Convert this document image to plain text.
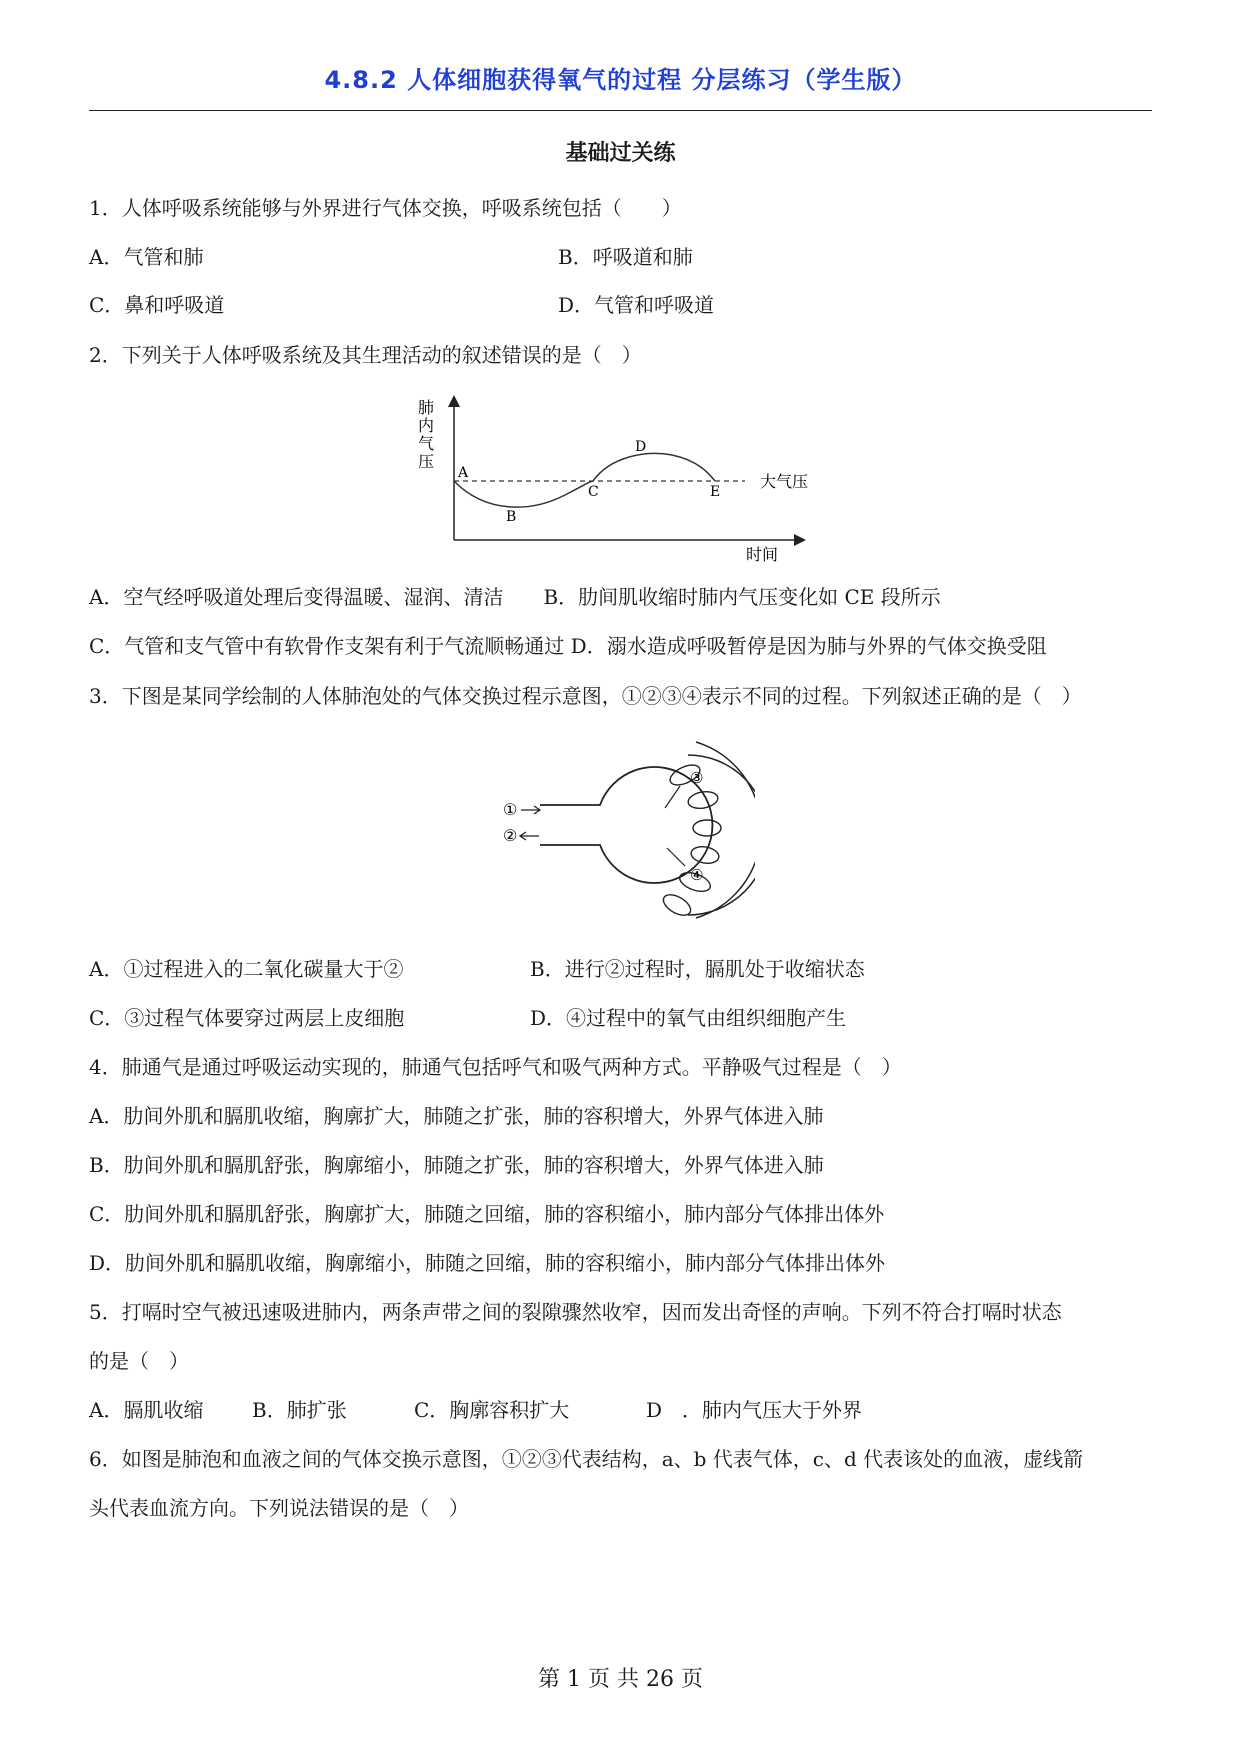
4.8.2 人体细胞获得氧气的过程 分层练习（学生版）
基础过关练
1．人体呼吸系统能够与外界进行气体交换，呼吸系统包括（　　）
A．气管和肺	B．呼吸道和肺
C．鼻和呼吸道	D．气管和呼吸道
2．下列关于人体呼吸系统及其生理活动的叙述错误的是（　）
肺
内
气
压
A
B
C
D
E
大气压
时间
A．空气经呼吸道处理后变得温暖、湿润、清洁　　B．肋间肌收缩时肺内气压变化如 CE 段所示
C．气管和支气管中有软骨作支架有利于气流顺畅通过 D．溺水造成呼吸暂停是因为肺与外界的气体交换受阻
3．下图是某同学绘制的人体肺泡处的气体交换过程示意图，①②③④表示不同的过程。下列叙述正确的是（　）
①
②
③
④
A．①过程进入的二氧化碳量大于②	B．进行②过程时，膈肌处于收缩状态
C．③过程气体要穿过两层上皮细胞	D．④过程中的氧气由组织细胞产生
4．肺通气是通过呼吸运动实现的，肺通气包括呼气和吸气两种方式。平静吸气过程是（　）
A．肋间外肌和膈肌收缩，胸廓扩大，肺随之扩张，肺的容积增大，外界气体进入肺
B．肋间外肌和膈肌舒张，胸廓缩小，肺随之扩张，肺的容积增大，外界气体进入肺
C．肋间外肌和膈肌舒张，胸廓扩大，肺随之回缩，肺的容积缩小，肺内部分气体排出体外
D．肋间外肌和膈肌收缩，胸廓缩小，肺随之回缩，肺的容积缩小，肺内部分气体排出体外
5．打嗝时空气被迅速吸进肺内，两条声带之间的裂隙骤然收窄，因而发出奇怪的声响。下列不符合打嗝时状态
的是（　）
A．膈肌收缩 B．肺扩张	C．胸廓容积扩大	D　．肺内气压大于外界
6．如图是肺泡和血液之间的气体交换示意图，①②③代表结构，a、b 代表气体，c、d 代表该处的血液，虚线箭
头代表血流方向。下列说法错误的是（　）
第 1 页 共 26 页
